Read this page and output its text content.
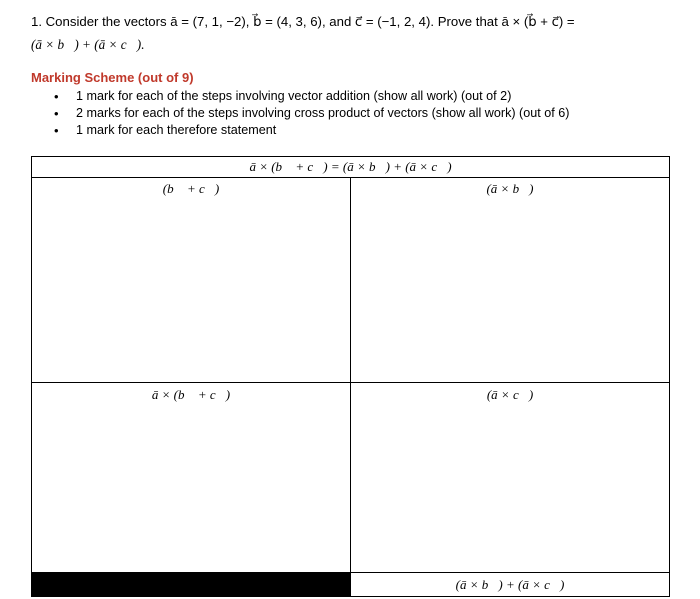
1. Consider the vectors ā = (7, 1, −2), b⃗ = (4, 3, 6), and c⃗ = (−1, 2, 4). Prove that ā × (b⃗ + c⃗) =
(ā × b⃗) + (ā × c⃗).
Marking Scheme (out of 9)
• 1 mark for each of the steps involving vector addition (show all work) (out of 2)
• 2 marks for each of the steps involving cross product of vectors (show all work) (out of 6)
• 1 mark for each therefore statement
ā × (b⃗ + c⃗) = (ā × b⃗) + (ā × c⃗)
(b⃗ + c⃗)	(ā × b⃗)
ā × (b⃗ + c⃗)	(ā × c⃗)
(ā × b⃗) + (ā × c⃗)
